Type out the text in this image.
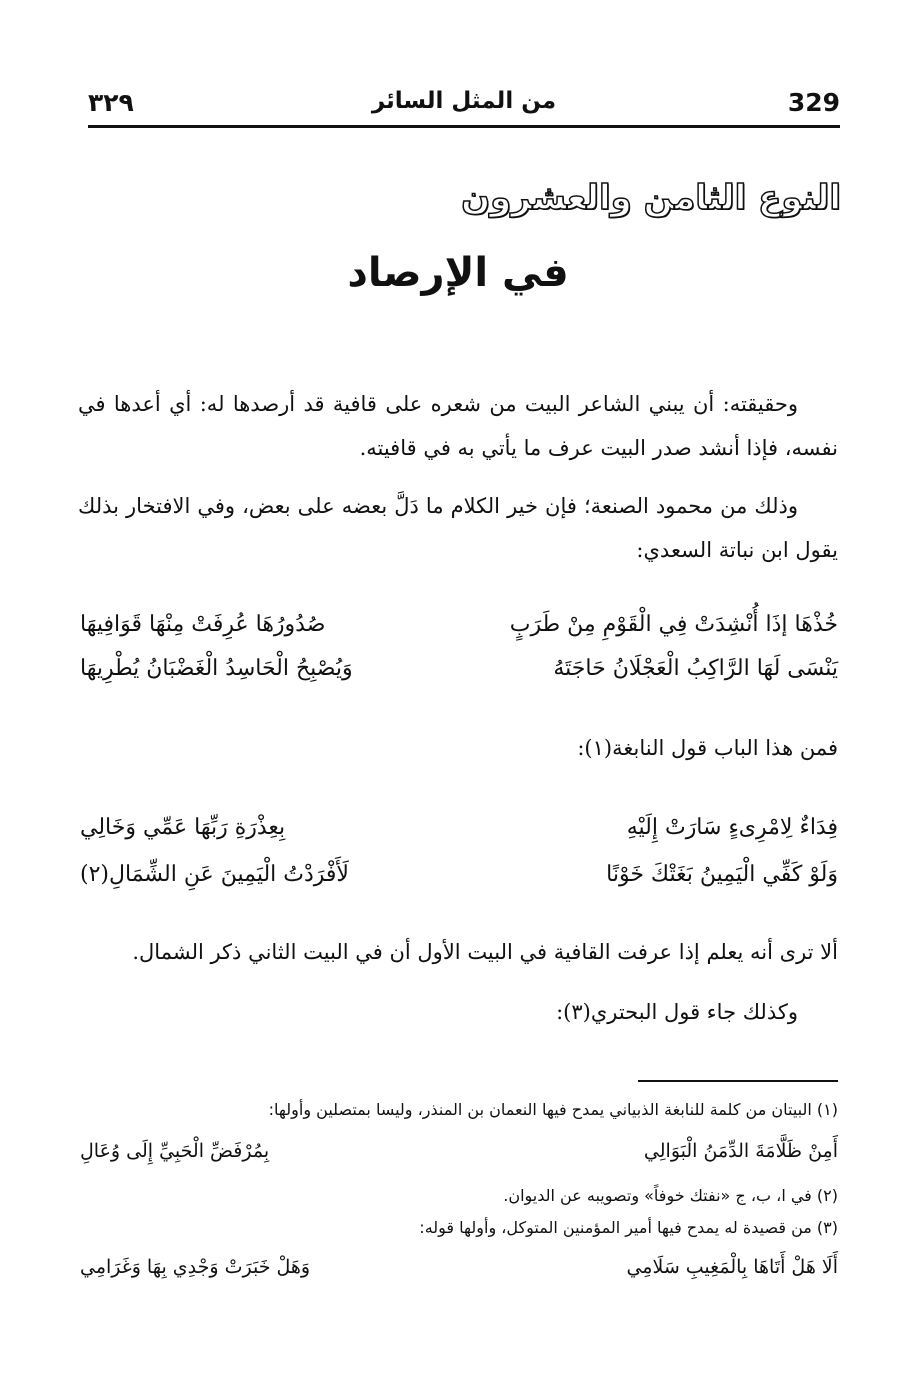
329
من المثل السائر
٣٢٩
النوع الثامن والعشرون
في الإرصاد
وحقيقته: أن يبني الشاعر البيت من شعره على قافية قد أرصدها له: أي أعدها في نفسه، فإذا أنشد صدر البيت عرف ما يأتي به في قافيته.
وذلك من محمود الصنعة؛ فإن خير الكلام ما دَلَّ بعضه على بعض، وفي الافتخار بذلك يقول ابن نباتة السعدي:
خُذْهَا إذَا أُنْشِدَتْ فِي الْقَوْمِ مِنْ طَرَبٍ
صُدُورُهَا عُرِفَتْ مِنْهَا قَوَافِيهَا
يَنْسَى لَهَا الرَّاكِبُ الْعَجْلَانُ حَاجَتَهُ
وَيُصْبِحُ الْحَاسِدُ الْغَضْبَانُ يُطْرِيهَا
فمن هذا الباب قول النابغة(١):
فِدَاءٌ لِامْرِىءٍ سَارَتْ إِلَيْهِ
بِعِذْرَةِ رَبِّهَا عَمِّي وَخَالِي
وَلَوْ كَفِّي الْيَمِينُ بَغَتْكَ خَوْنًا
لَأَفْرَدْتُ الْيَمِينَ عَنِ الشِّمَالِ(٢)
ألا ترى أنه يعلم إذا عرفت القافية في البيت الأول أن في البيت الثاني ذكر الشمال.
وكذلك جاء قول البحتري(٣):
(١) البيتان من كلمة للنابغة الذبياني يمدح فيها النعمان بن المنذر، وليسا بمتصلين وأولها:
أَمِنْ ظَلَّامَةَ الدِّمَنُ الْبَوَالِي
بِمُرْفَضِّ الْحَبِيِّ إِلَى وُعَالِ
(٢) في ا، ب، ج «نفتك خوفاً» وتصويبه عن الديوان.
(٣) من قصيدة له يمدح فيها أمير المؤمنين المتوكل، وأولها قوله:
أَلَا هَلْ أَتَاهَا بِالْمَغِيبِ سَلَامِي
وَهَلْ خَبَرَتْ وَجْدِي بِهَا وَغَرَامِي
